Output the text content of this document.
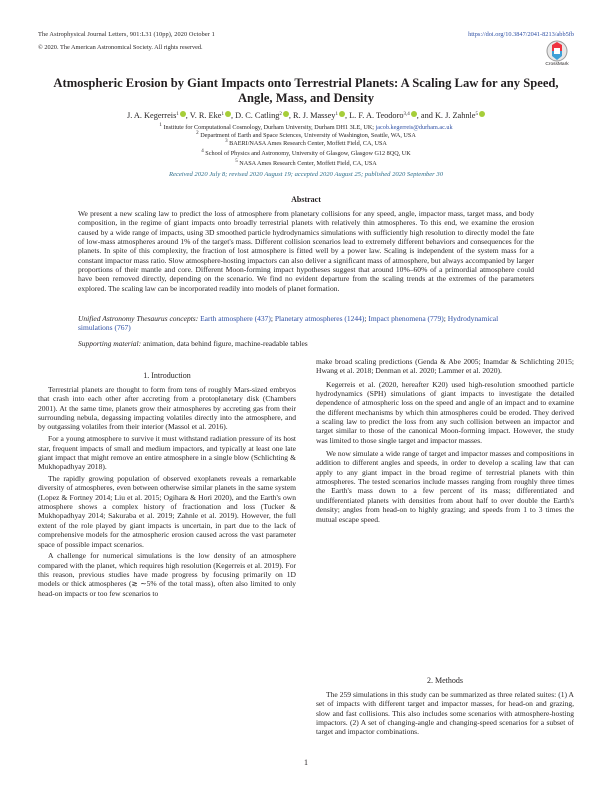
The Astrophysical Journal Letters, 901:L31 (10pp), 2020 October 1
© 2020. The American Astronomical Society. All rights reserved.
https://doi.org/10.3847/2041-8213/abb5fb
CrossMark
Atmospheric Erosion by Giant Impacts onto Terrestrial Planets: A Scaling Law for any Speed, Angle, Mass, and Density
J. A. Kegerreis$^1$ , V. R. Eke$^1$ , D. C. Catling$^2$ , R. J. Massey$^1$ , L. F. A. Teodoro$^{3,4}$ , and K. J. Zahnle$^5$
$^1$ Institute for Computational Cosmology, Durham University, Durham DH1 3LE, UK; jacob.kegerreis@durham.ac.uk
$^2$ Department of Earth and Space Sciences, University of Washington, Seattle, WA, USA
$^3$ BAERI/NASA Ames Research Center, Moffett Field, CA, USA
$^4$ School of Physics and Astronomy, University of Glasgow, Glasgow G12 8QQ, UK
$^5$ NASA Ames Research Center, Moffett Field, CA, USA
Received 2020 July 8; revised 2020 August 19; accepted 2020 August 25; published 2020 September 30
Abstract
We present a new scaling law to predict the loss of atmosphere from planetary collisions for any speed, angle, impactor mass, target mass, and body composition, in the regime of giant impacts onto broadly terrestrial planets with relatively thin atmospheres. To this end, we examine the erosion caused by a wide range of impacts, using 3D smoothed particle hydrodynamics simulations with sufficiently high resolution to directly model the fate of low-mass atmospheres around 1% of the target's mass. Different collision scenarios lead to extremely different behaviors and consequences for the planets. In spite of this complexity, the fraction of lost atmosphere is fitted well by a power law. Scaling is independent of the system mass for a constant impactor mass ratio. Slow atmosphere-hosting impactors can also deliver a significant mass of atmosphere, but always accompanied by larger proportions of their mantle and core. Different Moon-forming impact hypotheses suggest that around 10%–60% of a primordial atmosphere could have been removed directly, depending on the scenario. We find no evident departure from the scaling trends at the extremes of the parameters explored. The scaling law can be incorporated readily into models of planet formation.
Unified Astronomy Thesaurus concepts: Earth atmosphere (437); Planetary atmospheres (1244); Impact phenomena (779); Hydrodynamical simulations (767)
Supporting material: animation, data behind figure, machine-readable tables
1. Introduction

Terrestrial planets are thought to form from tens of roughly Mars-sized embryos that crash into each other after accreting from a protoplanetary disk (Chambers 2001). At the same time, planets grow their atmospheres by accreting gas from their surrounding nebula, degassing impacting volatiles directly into the atmosphere, and by outgassing volatiles from their interior (Massol et al. 2016).

For a young atmosphere to survive it must withstand radiation pressure of its host star, frequent impacts of small and medium impactors, and typically at least one late giant impact that might remove an entire atmosphere in a single blow (Schlichting & Mukhopadhyay 2018).

The rapidly growing population of observed exoplanets reveals a remarkable diversity of atmospheres, even between otherwise similar planets in the same system (Lopez & Fortney 2014; Liu et al. 2015; Ogihara & Hori 2020), and the Earth's own atmosphere shows a complex history of fractionation and loss (Tucker & Mukhopadhyay 2014; Sakuraba et al. 2019; Zahnle et al. 2019). However, the full extent of the role played by giant impacts is uncertain, in part due to the lack of comprehensive models for the atmospheric erosion caused across the vast parameter space of possible impact scenarios.

A challenge for numerical simulations is the low density of an atmosphere compared with the planet, which requires high resolution (Kegerreis et al. 2019). For this reason, previous studies have made progress by focusing primarily on 1D models or thick atmospheres (≳ ∼5% of the total mass), often also limited to only head-on impacts or too few scenarios to

make broad scaling predictions (Genda & Abe 2005; Inamdar & Schlichting 2015; Hwang et al. 2018; Denman et al. 2020; Lammer et al. 2020).

Kegerreis et al. (2020, hereafter K20) used high-resolution smoothed particle hydrodynamics (SPH) simulations of giant impacts to investigate the detailed dependence of atmospheric loss on the speed and angle of an impact and to examine the different mechanisms by which thin atmospheres could be eroded. They derived a scaling law to predict the loss from any such collision between an impactor and target similar to those of the canonical Moon-forming impact. However, the study was limited to those single target and impactor masses.

We now simulate a wide range of target and impactor masses and compositions in addition to different angles and speeds, in order to develop a scaling law that can apply to any giant impact in the broad regime of terrestrial planets with thin atmospheres. The tested scenarios include masses ranging from roughly three times the Earth's mass down to a few percent of its mass; differentiated and undifferentiated planets with densities from about half to over double the Earth's density; angles from head-on to highly grazing; and speeds from 1 to 3 times the mutual escape speed.

2. Methods

The 259 simulations in this study can be summarized as three related suites: (1) A set of impacts with different target and impactor masses, for head-on and grazing, slow and fast collisions. This also includes some scenarios with atmosphere-hosting impactors. (2) A set of changing-angle and changing-speed scenarios for a subset of target and impactor combinations.

1
